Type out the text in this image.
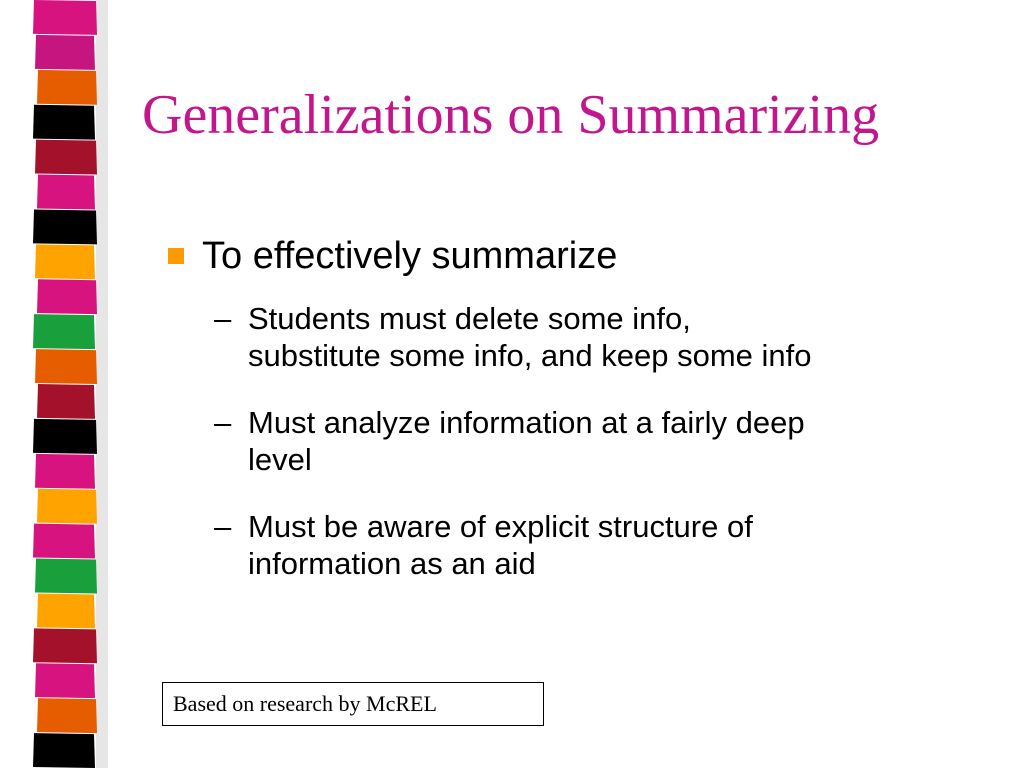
Generalizations on Summarizing
To effectively summarize
– Students must delete some info,
substitute some info, and keep some info
– Must analyze information at a fairly deep
level
– Must be aware of explicit structure of
information as an aid
Based on research by McREL
